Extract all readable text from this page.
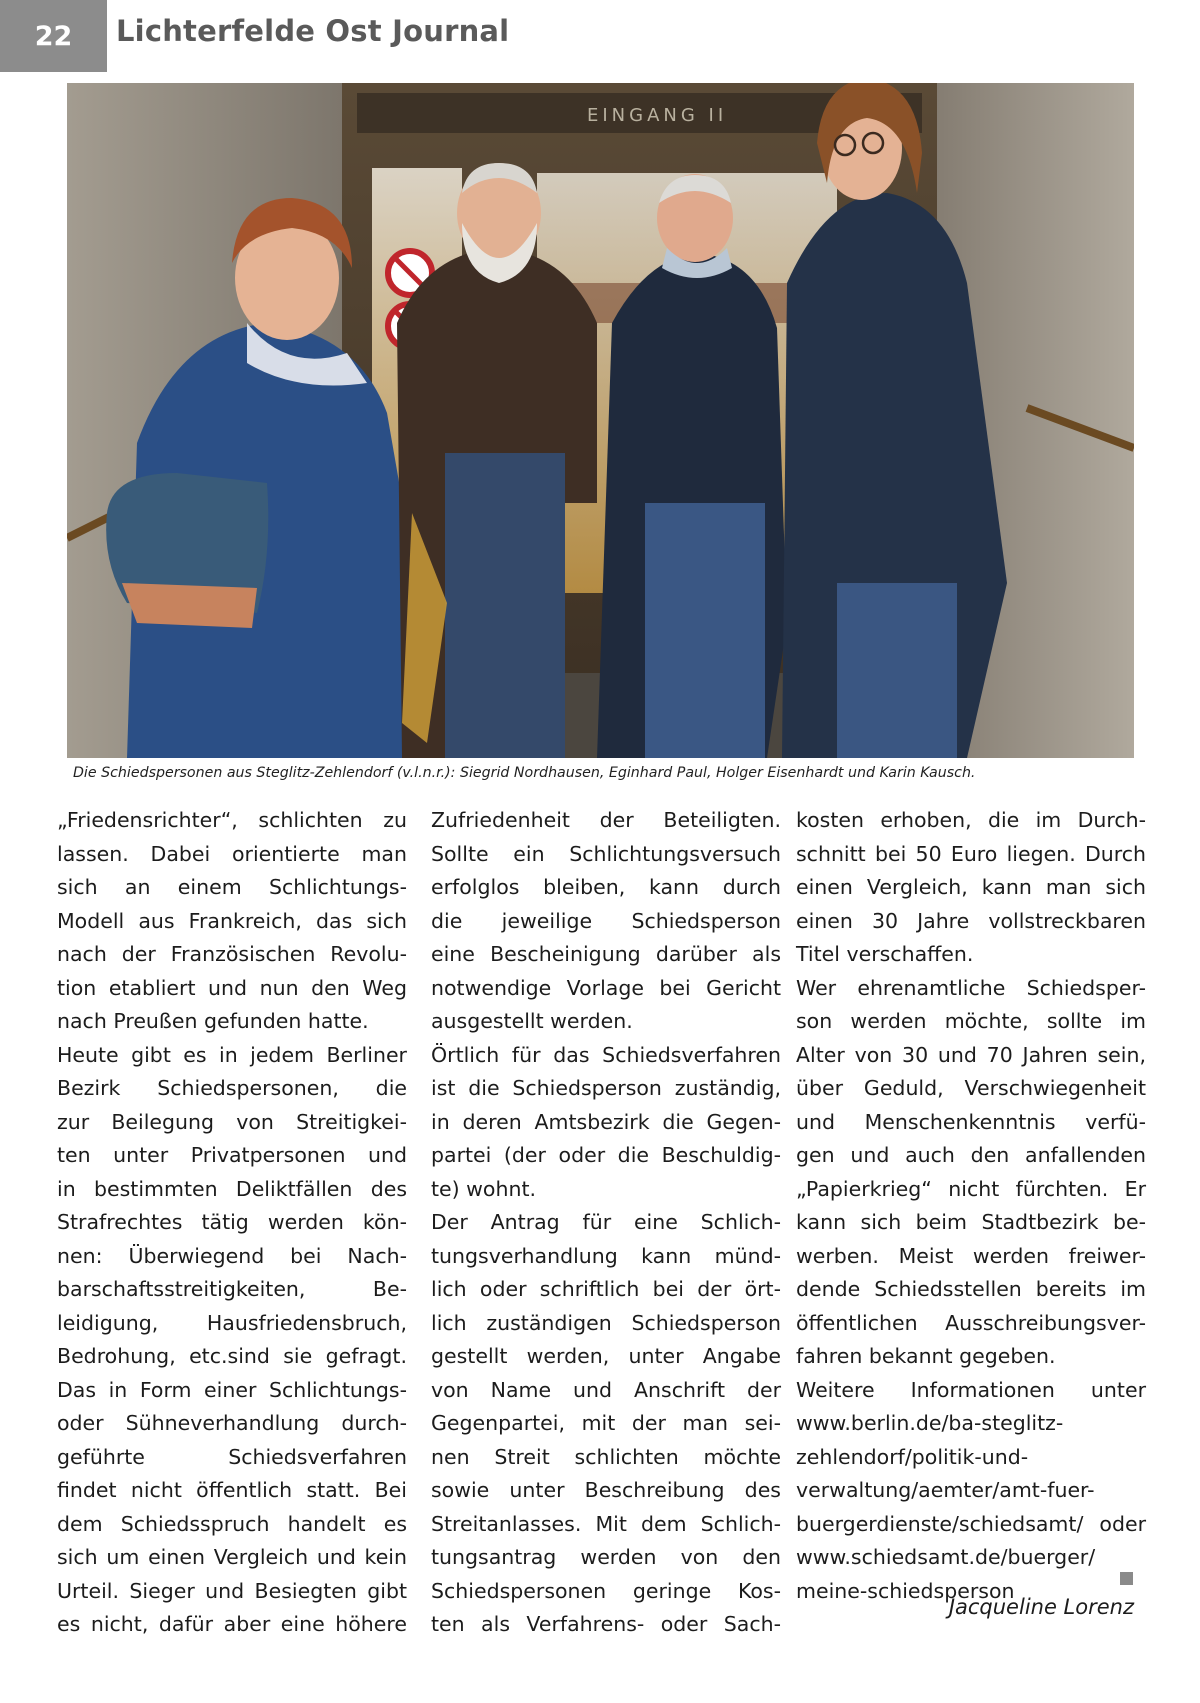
22	Lichterfelde Ost Journal
EINGANG II
Die Schiedspersonen aus Steglitz-Zehlendorf (v.l.n.r.): Siegrid Nordhausen, Eginhard Paul, Holger Eisenhardt und Karin Kausch.
„Friedensrichter“, schlichten zu
lassen. Dabei orientierte man
sich an einem Schlichtungs-
Modell aus Frankreich, das sich
nach der Französischen Revolu-
tion etabliert und nun den Weg
nach Preußen gefunden hatte.
Heute gibt es in jedem Berliner
Bezirk Schiedspersonen, die
zur Beilegung von Streitigkei-
ten unter Privatpersonen und
in bestimmten Deliktfällen des
Strafrechtes tätig werden kön-
nen: Überwiegend bei Nach-
barschaftsstreitigkeiten, Be-
leidigung, Hausfriedensbruch,
Bedrohung, etc.sind sie gefragt.
Das in Form einer Schlichtungs-
oder Sühneverhandlung durch-
geführte Schiedsverfahren
findet nicht öffentlich statt. Bei
dem Schiedsspruch handelt es
sich um einen Vergleich und kein
Urteil. Sieger und Besiegten gibt
es nicht, dafür aber eine höhere
Zufriedenheit der Beteiligten.
Sollte ein Schlichtungsversuch
erfolglos bleiben, kann durch
die jeweilige Schiedsperson
eine Bescheinigung darüber als
notwendige Vorlage bei Gericht
ausgestellt werden.
Örtlich für das Schiedsverfahren
ist die Schiedsperson zuständig,
in deren Amtsbezirk die Gegen-
partei (der oder die Beschuldig-
te) wohnt.
Der Antrag für eine Schlich-
tungsverhandlung kann münd-
lich oder schriftlich bei der ört-
lich zuständigen Schiedsperson
gestellt werden, unter Angabe
von Name und Anschrift der
Gegenpartei, mit der man sei-
nen Streit schlichten möchte
sowie unter Beschreibung des
Streitanlasses. Mit dem Schlich-
tungsantrag werden von den
Schiedspersonen geringe Kos-
ten als Verfahrens- oder Sach-
kosten erhoben, die im Durch-
schnitt bei 50 Euro liegen. Durch
einen Vergleich, kann man sich
einen 30 Jahre vollstreckbaren
Titel verschaffen.
Wer ehrenamtliche Schiedsper-
son werden möchte, sollte im
Alter von 30 und 70 Jahren sein,
über Geduld, Verschwiegenheit
und Menschenkenntnis verfü-
gen und auch den anfallenden
„Papierkrieg“ nicht fürchten. Er
kann sich beim Stadtbezirk be-
werben. Meist werden freiwer-
dende Schiedsstellen bereits im
öffentlichen Ausschreibungsver-
fahren bekannt gegeben.
Weitere Informationen unter
www.berlin.de/ba-steglitz-
zehlendorf/politik-und-
verwaltung/aemter/amt-fuer-
buergerdienste/schiedsamt/ oder
www.schiedsamt.de/buerger/
meine-schiedsperson
Jacqueline Lorenz
